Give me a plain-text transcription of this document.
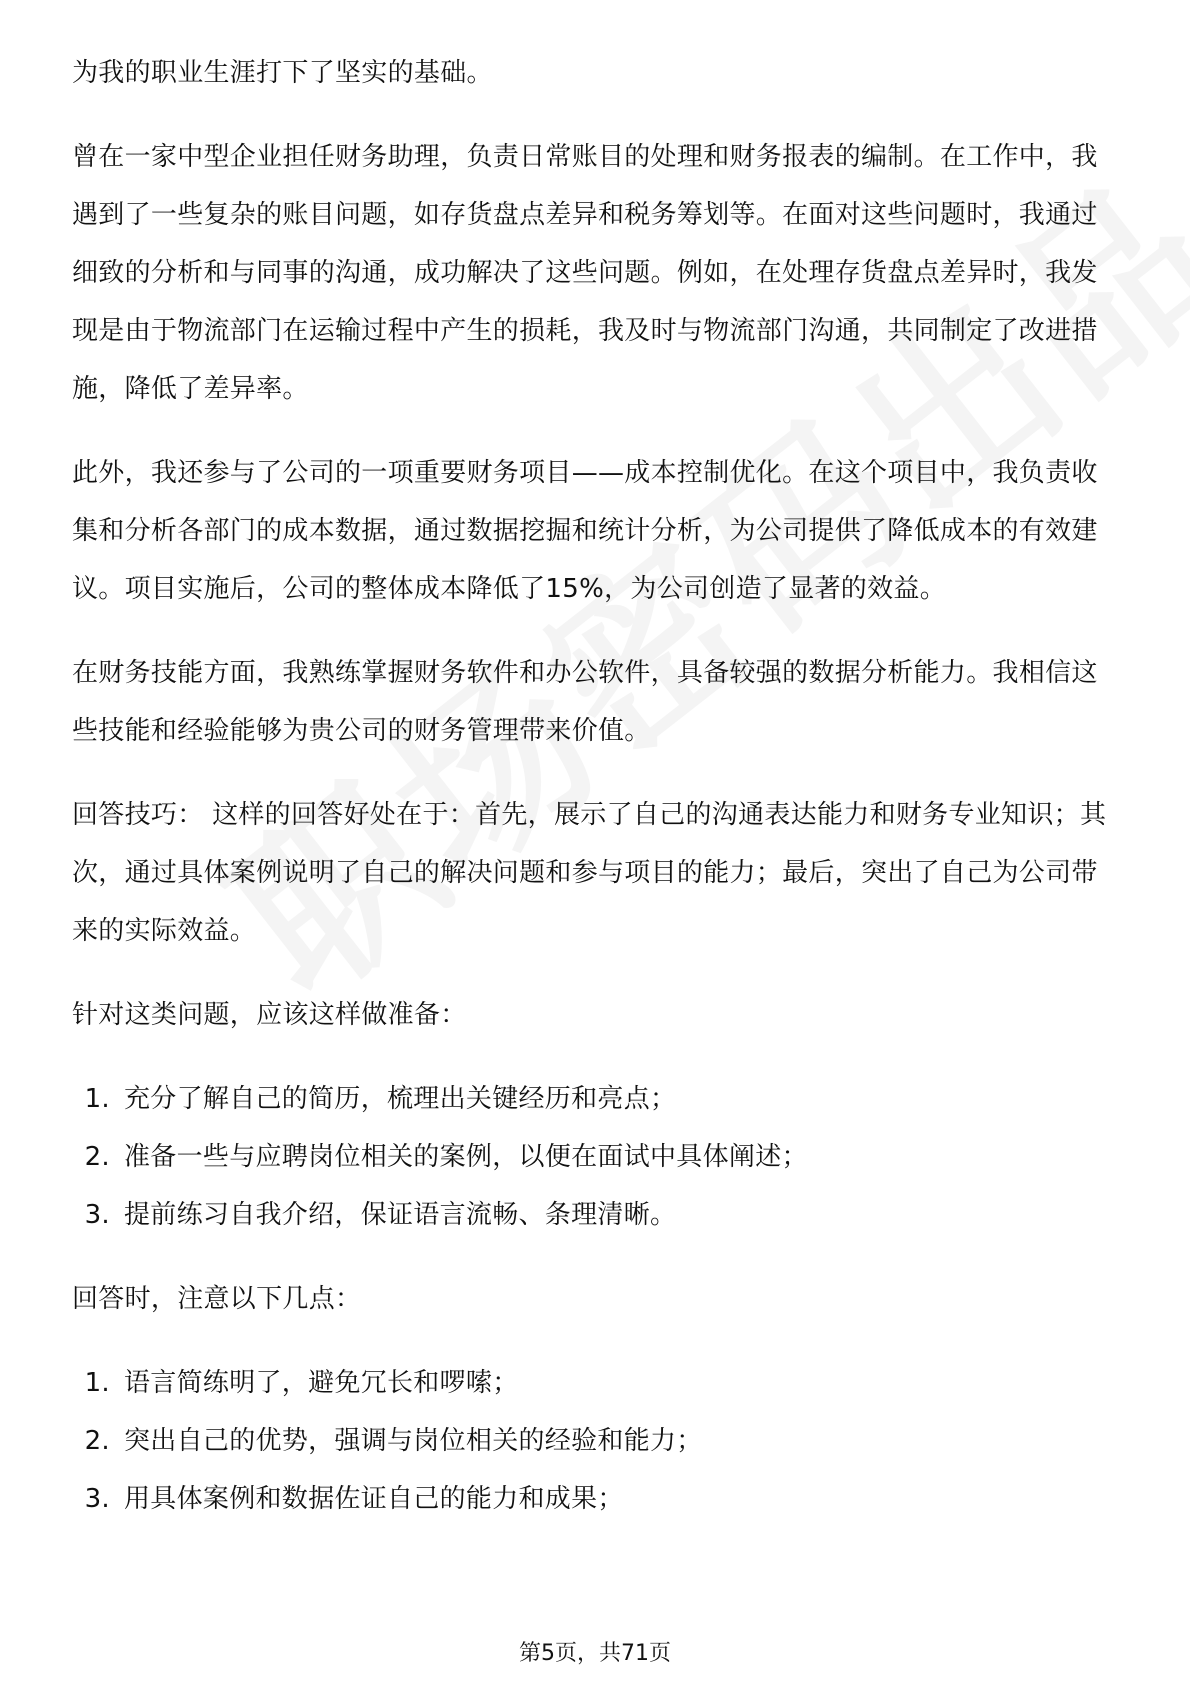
为我的职业生涯打下了坚实的基础。

曾在一家中型企业担任财务助理，负责日常账目的处理和财务报表的编制。在工作中，我遇到了一些复杂的账目问题，如存货盘点差异和税务筹划等。在面对这些问题时，我通过细致的分析和与同事的沟通，成功解决了这些问题。例如，在处理存货盘点差异时，我发现是由于物流部门在运输过程中产生的损耗，我及时与物流部门沟通，共同制定了改进措施，降低了差异率。

此外，我还参与了公司的一项重要财务项目——成本控制优化。在这个项目中，我负责收集和分析各部门的成本数据，通过数据挖掘和统计分析，为公司提供了降低成本的有效建议。项目实施后，公司的整体成本降低了15%，为公司创造了显著的效益。

在财务技能方面，我熟练掌握财务软件和办公软件，具备较强的数据分析能力。我相信这些技能和经验能够为贵公司的财务管理带来价值。

回答技巧： 这样的回答好处在于：首先，展示了自己的沟通表达能力和财务专业知识；其次，通过具体案例说明了自己的解决问题和参与项目的能力；最后，突出了自己为公司带来的实际效益。

针对这类问题，应该这样做准备：

1. 充分了解自己的简历，梳理出关键经历和亮点；
2. 准备一些与应聘岗位相关的案例，以便在面试中具体阐述；
3. 提前练习自我介绍，保证语言流畅、条理清晰。

回答时，注意以下几点：

1. 语言简练明了，避免冗长和啰嗦；
2. 突出自己的优势，强调与岗位相关的经验和能力；
3. 用具体案例和数据佐证自己的能力和成果；
第5页，共71页
